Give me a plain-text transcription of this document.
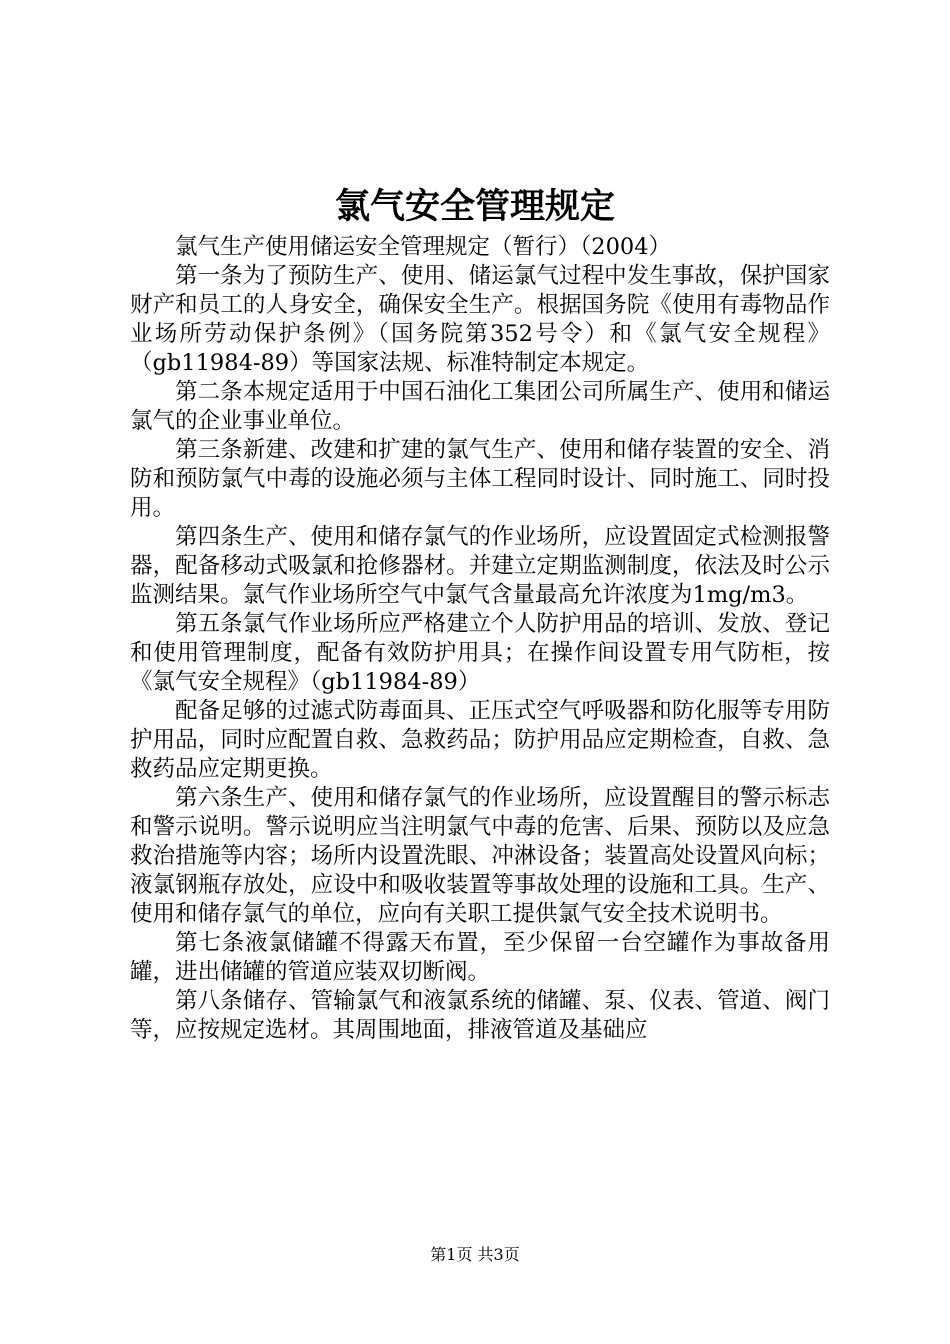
氯气安全管理规定

氯气生产使用储运安全管理规定（暂行）（2004）

第一条为了预防生产、使用、储运氯气过程中发生事故，保护国家财产和员工的人身安全，确保安全生产。根据国务院《使用有毒物品作业场所劳动保护条例》（国务院第352号令）和《氯气安全规程》（gb11984-89）等国家法规、标准特制定本规定。

第二条本规定适用于中国石油化工集团公司所属生产、使用和储运氯气的企业事业单位。

第三条新建、改建和扩建的氯气生产、使用和储存装置的安全、消防和预防氯气中毒的设施必须与主体工程同时设计、同时施工、同时投用。

第四条生产、使用和储存氯气的作业场所，应设置固定式检测报警器，配备移动式吸氯和抢修器材。并建立定期监测制度，依法及时公示监测结果。氯气作业场所空气中氯气含量最高允许浓度为1mg/m3。

第五条氯气作业场所应严格建立个人防护用品的培训、发放、登记和使用管理制度，配备有效防护用具；在操作间设置专用气防柜，按《氯气安全规程》（gb11984-89）

配备足够的过滤式防毒面具、正压式空气呼吸器和防化服等专用防护用品，同时应配置自救、急救药品；防护用品应定期检查，自救、急救药品应定期更换。

第六条生产、使用和储存氯气的作业场所，应设置醒目的警示标志和警示说明。警示说明应当注明氯气中毒的危害、后果、预防以及应急救治措施等内容；场所内设置洗眼、冲淋设备；装置高处设置风向标；液氯钢瓶存放处，应设中和吸收装置等事故处理的设施和工具。生产、使用和储存氯气的单位，应向有关职工提供氯气安全技术说明书。

第七条液氯储罐不得露天布置，至少保留一台空罐作为事故备用罐，进出储罐的管道应装双切断阀。

第八条储存、管输氯气和液氯系统的储罐、泵、仪表、管道、阀门等，应按规定选材。其周围地面，排液管道及基础应

第1页 共3页
